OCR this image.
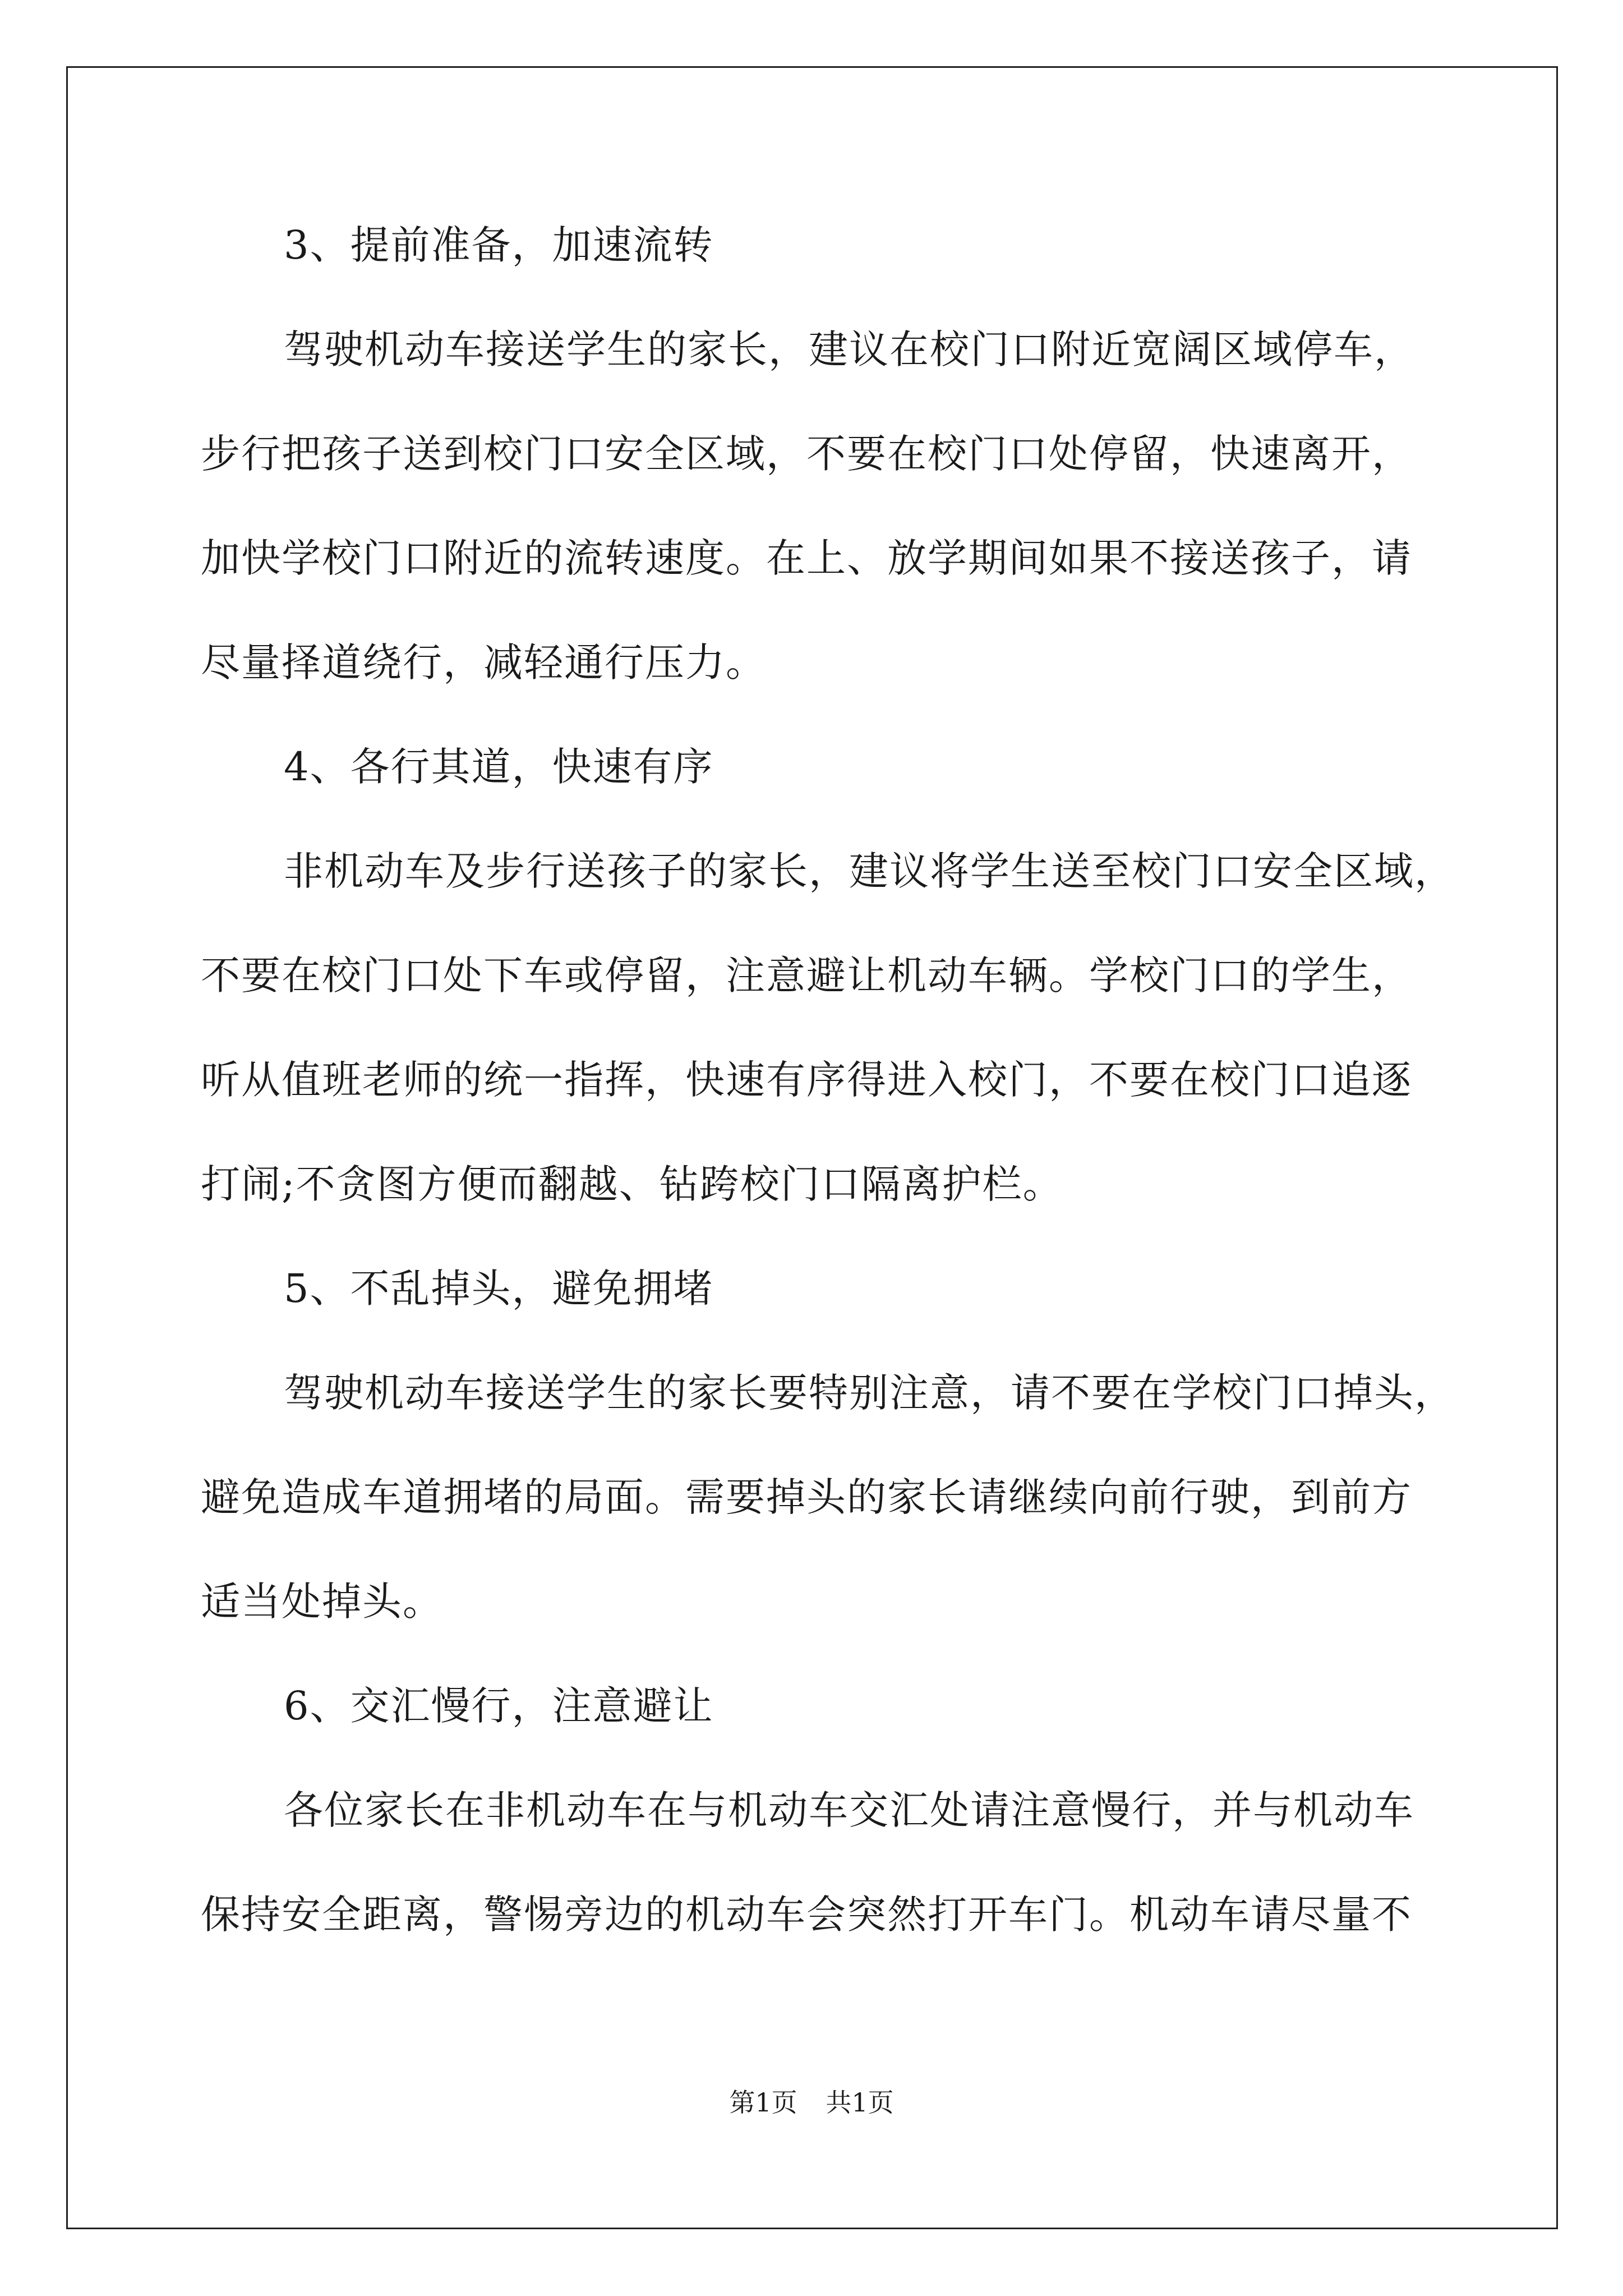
3、提前准备，加速流转
驾驶机动车接送学生的家长，建议在校门口附近宽阔区域停车，
步行把孩子送到校门口安全区域，不要在校门口处停留，快速离开，
加快学校门口附近的流转速度。在上、放学期间如果不接送孩子，请
尽量择道绕行，减轻通行压力。
4、各行其道，快速有序
非机动车及步行送孩子的家长，建议将学生送至校门口安全区域，
不要在校门口处下车或停留，注意避让机动车辆。学校门口的学生，
听从值班老师的统一指挥，快速有序得进入校门，不要在校门口追逐
打闹;不贪图方便而翻越、钻跨校门口隔离护栏。
5、不乱掉头，避免拥堵
驾驶机动车接送学生的家长要特别注意，请不要在学校门口掉头，
避免造成车道拥堵的局面。需要掉头的家长请继续向前行驶，到前方
适当处掉头。
6、交汇慢行，注意避让
各位家长在非机动车在与机动车交汇处请注意慢行，并与机动车
保持安全距离，警惕旁边的机动车会突然打开车门。机动车请尽量不
第1页 共1页
